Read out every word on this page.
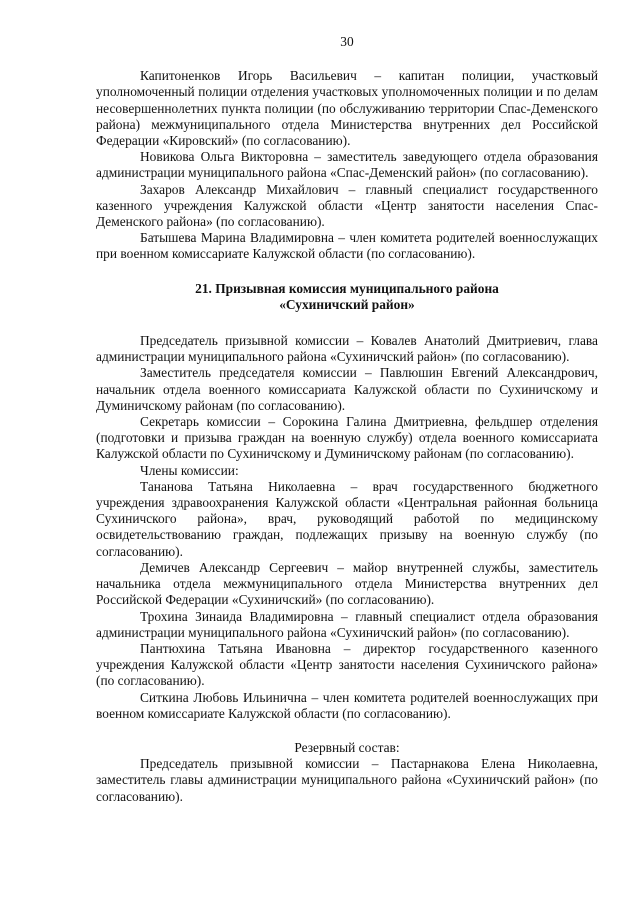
30

Капитоненков Игорь Васильевич – капитан полиции, участковый уполномоченный полиции отделения участковых уполномоченных полиции и по делам несовершеннолетних пункта полиции (по обслуживанию территории Спас-Деменского района) межмуниципального отдела Министерства внутренних дел Российской Федерации «Кировский» (по согласованию).

Новикова Ольга Викторовна – заместитель заведующего отдела образования администрации муниципального района «Спас-Деменский район» (по согласованию).

Захаров Александр Михайлович – главный специалист государственного казенного учреждения Калужской области «Центр занятости населения Спас-Деменского района» (по согласованию).

Батышева Марина Владимировна – член комитета родителей военнослужащих при военном комиссариате Калужской области (по согласованию).

21. Призывная комиссия муниципального района

«Сухиничский район»

Председатель призывной комиссии – Ковалев Анатолий Дмитриевич, глава администрации муниципального района «Сухиничский район» (по согласованию).

Заместитель председателя комиссии – Павлюшин Евгений Александрович, начальник отдела военного комиссариата Калужской области по Сухиничскому и Думиничскому районам (по согласованию).

Секретарь комиссии – Сорокина Галина Дмитриевна, фельдшер отделения (подготовки и призыва граждан на военную службу) отдела военного комиссариата Калужской области по Сухиничскому и Думиничскому районам (по согласованию).

Члены комиссии:

Тананова Татьяна Николаевна – врач государственного бюджетного учреждения здравоохранения Калужской области «Центральная районная больница Сухиничского района», врач, руководящий работой по медицинскому освидетельствованию граждан, подлежащих призыву на военную службу (по согласованию).

Демичев Александр Сергеевич – майор внутренней службы, заместитель начальника отдела межмуниципального отдела Министерства внутренних дел Российской Федерации «Сухиничский» (по согласованию).

Трохина Зинаида Владимировна – главный специалист отдела образования администрации муниципального района «Сухиничский район» (по согласованию).

Пантюхина Татьяна Ивановна – директор государственного казенного учреждения Калужской области «Центр занятости населения Сухиничского района» (по согласованию).

Ситкина Любовь Ильинична – член комитета родителей военнослужащих при военном комиссариате Калужской области (по согласованию).

Резервный состав:

Председатель призывной комиссии – Пастарнакова Елена Николаевна, заместитель главы администрации муниципального района «Сухиничский район» (по согласованию).
